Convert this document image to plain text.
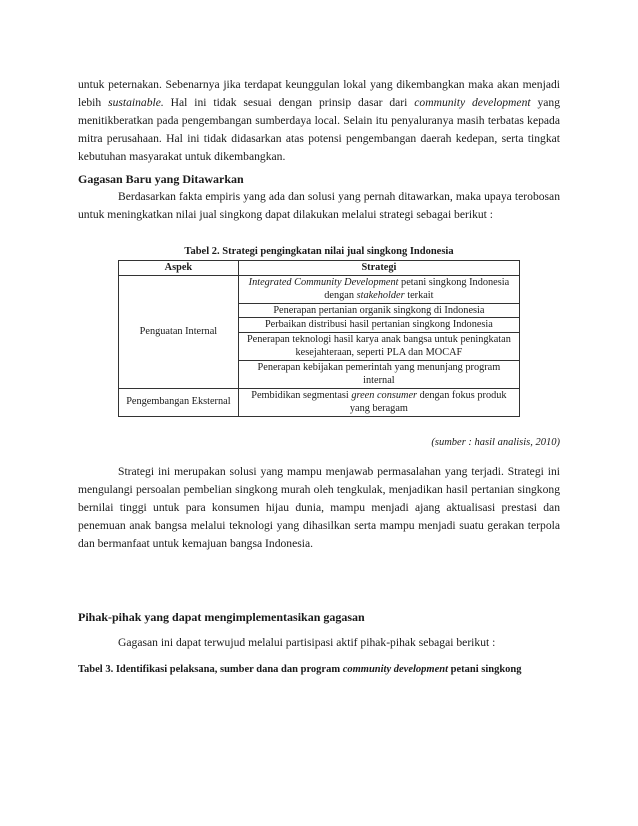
untuk peternakan. Sebenarnya jika terdapat keunggulan lokal yang dikembangkan maka akan menjadi lebih sustainable. Hal ini tidak sesuai dengan prinsip dasar dari community development yang menitikberatkan pada pengembangan sumberdaya local. Selain itu penyaluranya masih terbatas kepada mitra perusahaan. Hal ini tidak didasarkan atas potensi pengembangan daerah kedepan, serta tingkat kebutuhan masyarakat untuk dikembangkan.

Gagasan Baru yang Ditawarkan

Berdasarkan fakta empiris yang ada dan solusi yang pernah ditawarkan, maka upaya terobosan untuk meningkatkan nilai jual singkong dapat dilakukan melalui strategi sebagai berikut :

Tabel 2. Strategi pengingkatan nilai jual singkong Indonesia

Aspek	Strategi
Penguatan Internal	Integrated Community Development petani singkong Indonesia dengan stakeholder terkait
	Penerapan pertanian organik singkong di Indonesia
	Perbaikan distribusi hasil pertanian singkong Indonesia
	Penerapan teknologi hasil karya anak bangsa untuk peningkatan kesejahteraan, seperti PLA dan MOCAF
	Penerapan kebijakan pemerintah yang menunjang program internal
Pengembangan Eksternal	Pembidikan segmentasi green consumer dengan fokus produk yang beragam

(sumber : hasil analisis, 2010)

Strategi ini merupakan solusi yang mampu menjawab permasalahan yang terjadi. Strategi ini mengulangi persoalan pembelian singkong murah oleh tengkulak, menjadikan hasil pertanian singkong bernilai tinggi untuk para konsumen hijau dunia, mampu menjadi ajang aktualisasi prestasi dan penemuan anak bangsa melalui teknologi yang dihasilkan serta mampu menjadi suatu gerakan terpola dan bermanfaat untuk kemajuan bangsa Indonesia.

Pihak-pihak yang dapat mengimplementasikan gagasan

Gagasan ini dapat terwujud melalui partisipasi aktif pihak-pihak sebagai berikut :

Tabel 3. Identifikasi pelaksana, sumber dana dan program community development petani singkong
